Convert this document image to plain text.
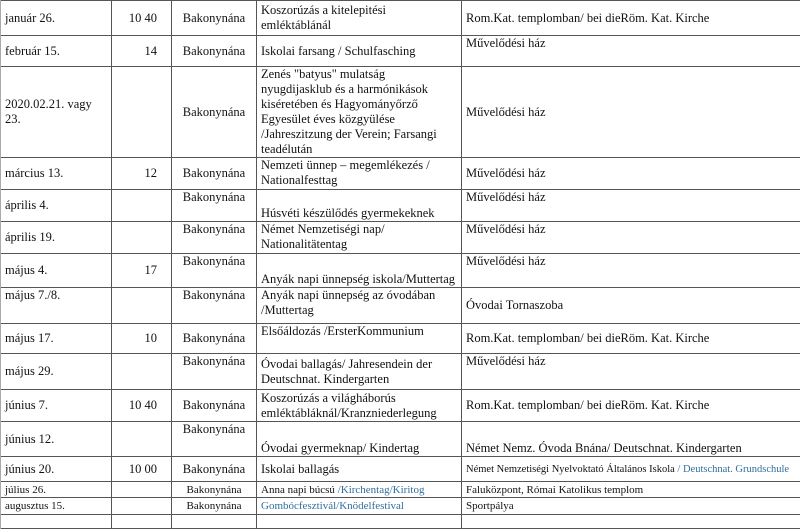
január 26.	10 40	Bakonynána	Koszorúzás a kitelepitési emléktáblánál	Rom.Kat. templomban/ bei dieRöm. Kat. Kirche
február 15.	14	Bakonynána	Iskolai farsang / Schulfasching	Művelődési ház
2020.02.21. vagy 23.		Bakonynána	Zenés "batyus" mulatság nyugdijasklub és a harmónikások kiséretében és Hagyományőrző Egyesület éves közgyülése /Jahreszitzung der Verein; Farsangi teadélután	Művelődési ház
március 13.	12	Bakonynána	Nemzeti ünnep – megemlékezés / Nationalfesttag	Művelődési ház
április 4.		Bakonynána	Húsvéti készülődés gyermekeknek	Művelődési ház
április 19.		Bakonynána	Német Nemzetiségi nap/ Nationalitätentag	Művelődési ház
május 4.	17	Bakonynána	Anyák napi ünnepség iskola/Muttertag	Művelődési ház
május 7./8.		Bakonynána	Anyák napi ünnepség az óvodában /Muttertag	Óvodai Tornaszoba
május 17.	10	Bakonynána	Elsőáldozás /ErsterKommunium	Rom.Kat. templomban/ bei dieRöm. Kat. Kirche
május 29.		Bakonynána	Óvodai ballagás/ Jahresendein der Deutschnat. Kindergarten	Művelődési ház
június 7.	10 40	Bakonynána	Koszorúzás a világháborús emléktábláknál/Kranzniederlegung	Rom.Kat. templomban/ bei dieRöm. Kat. Kirche
június 12.		Bakonynána	Óvodai gyermeknap/ Kindertag	Német Nemz. Óvoda Bnána/ Deutschnat. Kindergarten
június 20.	10 00	Bakonynána	Iskolai ballagás	Német Nemzetiségi Nyelvoktató Általános Iskola / Deutschnat. Grundschule
július 26.		Bakonynána	Anna napi búcsú /Kirchentag/Kiritog	Faluközpont, Római Katolikus templom
augusztus 15.		Bakonynána	Gombócfesztivál/Knödelfestival	Sportpálya
